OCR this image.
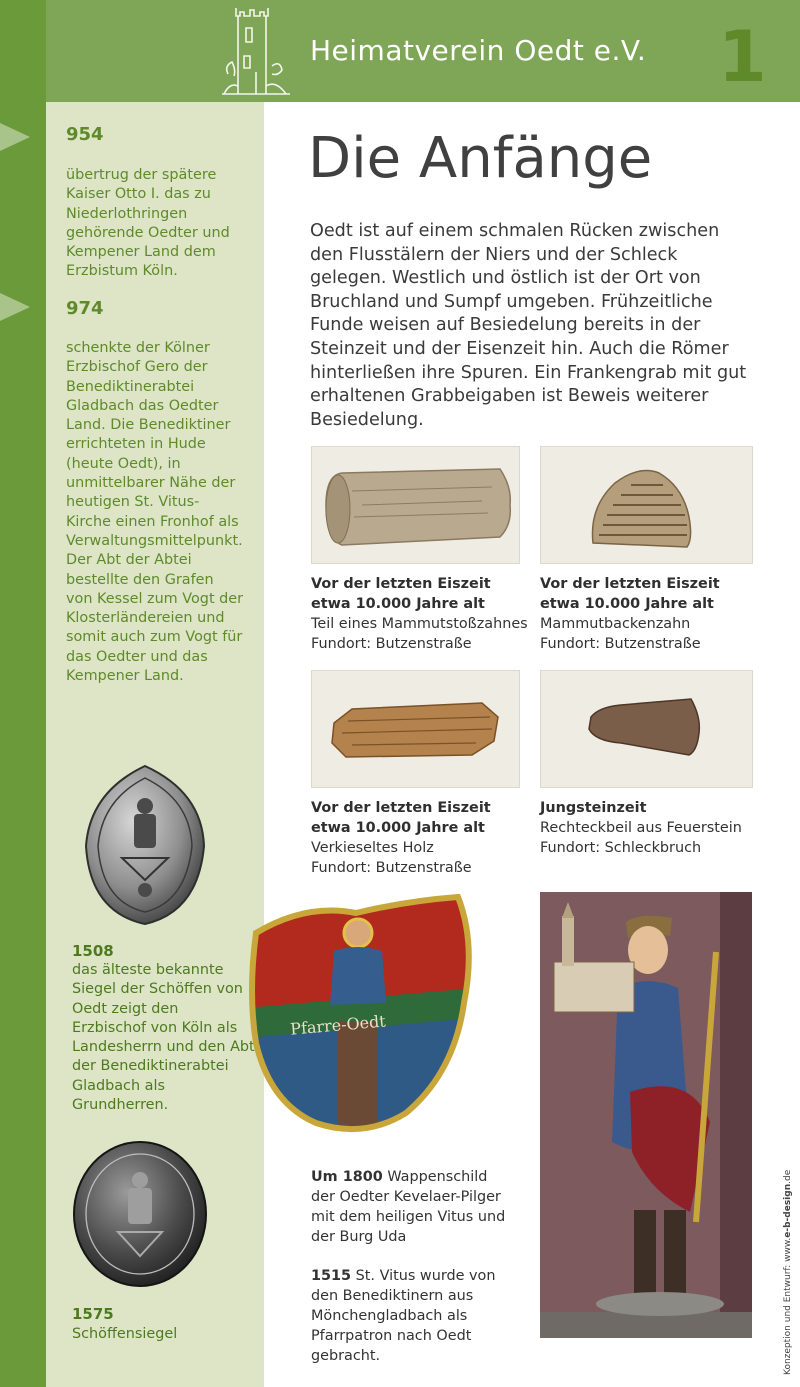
Heimatverein Oedt e.V. 1
954
übertrug der spätere Kaiser Otto I. das zu Niederlothringen gehörende Oedter und Kempener Land dem Erzbistum Köln.
974
schenkte der Kölner Erzbischof Gero der Benediktinerabtei Gladbach das Oedter Land. Die Benediktiner errichteten in Hude (heute Oedt), in unmittelbarer Nähe der heutigen St. Vitus-Kirche einen Fronhof als Verwaltungsmittelpunkt. Der Abt der Abtei bestellte den Grafen von Kessel zum Vogt der Klosterländereien und somit auch zum Vogt für das Oedter und das Kempener Land.
1508
das älteste bekannte Siegel der Schöffen von Oedt zeigt den Erzbischof von Köln als Landesherrn und den Abt der Benediktinerabtei Gladbach als Grundherren.
1575
Schöffensiegel
Die Anfänge
Oedt ist auf einem schmalen Rücken zwischen den Flusstälern der Niers und der Schleck gelegen. Westlich und östlich ist der Ort von Bruchland und Sumpf umgeben. Frühzeitliche Funde weisen auf Besiedelung bereits in der Steinzeit und der Eisenzeit hin. Auch die Römer hinterließen ihre Spuren. Ein Frankengrab mit gut erhaltenen Grabbeigaben ist Beweis weiterer Besiedelung.
Vor der letzten Eiszeit
etwa 10.000 Jahre alt
Teil eines Mammutstoßzahnes
Fundort: Butzenstraße
Vor der letzten Eiszeit
etwa 10.000 Jahre alt
Mammutbackenzahn
Fundort: Butzenstraße
Vor der letzten Eiszeit
etwa 10.000 Jahre alt
Verkieseltes Holz
Fundort: Butzenstraße
Jungsteinzeit
Rechteckbeil aus Feuerstein
Fundort: Schleckbruch
Pfarre-Oedt
Um 1800 Wappenschild der Oedter Kevelaer-Pilger mit dem heiligen Vitus und der Burg Uda
1515 St. Vitus wurde von den Benediktinern aus Mönchengladbach als Pfarrpatron nach Oedt gebracht.	Konzeption und Entwurf: www.e-b-design.de
